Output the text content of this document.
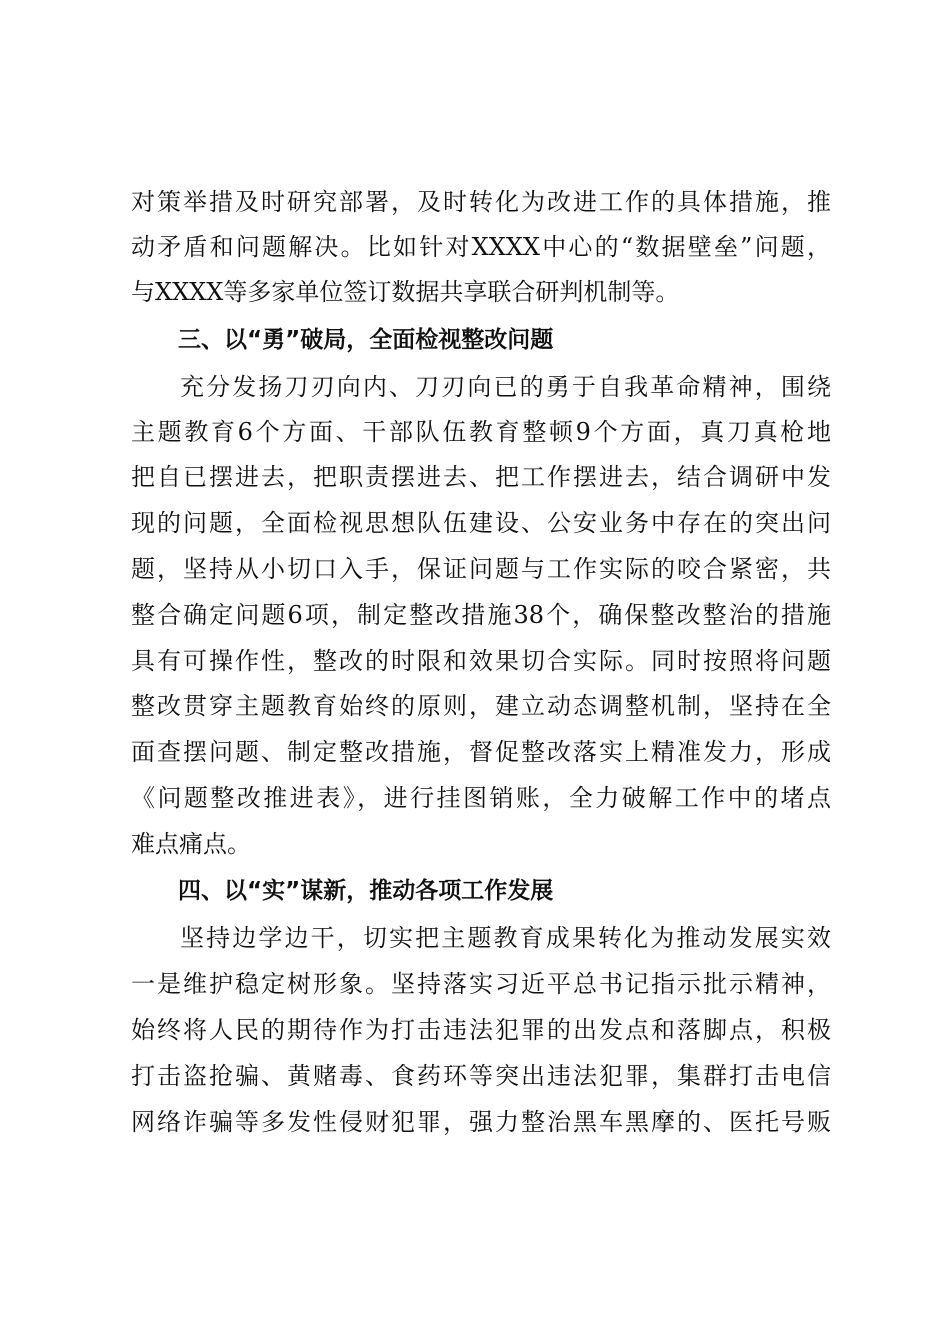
对策举措及时研究部署，及时转化为改进工作的具体措施，推
动矛盾和问题解决。比如针对XXXX中心的“数据壁垒”问题，
与XXXX等多家单位签订数据共享联合研判机制等。
三、以“勇”破局，全面检视整改问题
充分发扬刀刃向内、刀刃向已的勇于自我革命精神，围绕
主题教育6个方面、干部队伍教育整顿9个方面，真刀真枪地
把自已摆进去，把职责摆进去、把工作摆进去，结合调研中发
现的问题，全面检视思想队伍建设、公安业务中存在的突出问
题，坚持从小切口入手，保证问题与工作实际的咬合紧密，共
整合确定问题6项，制定整改措施38个，确保整改整治的措施
具有可操作性，整改的时限和效果切合实际。同时按照将问题
整改贯穿主题教育始终的原则，建立动态调整机制，坚持在全
面查摆问题、制定整改措施，督促整改落实上精准发力，形成
《问题整改推进表》，进行挂图销账，全力破解工作中的堵点
难点痛点。
四、以“实”谋新，推动各项工作发展
坚持边学边干，切实把主题教育成果转化为推动发展实效
一是维护稳定树形象。坚持落实习近平总书记指示批示精神，
始终将人民的期待作为打击违法犯罪的出发点和落脚点，积极
打击盗抢骗、黄赌毒、食药环等突出违法犯罪，集群打击电信
网络诈骗等多发性侵财犯罪，强力整治黑车黑摩的、医托号贩
